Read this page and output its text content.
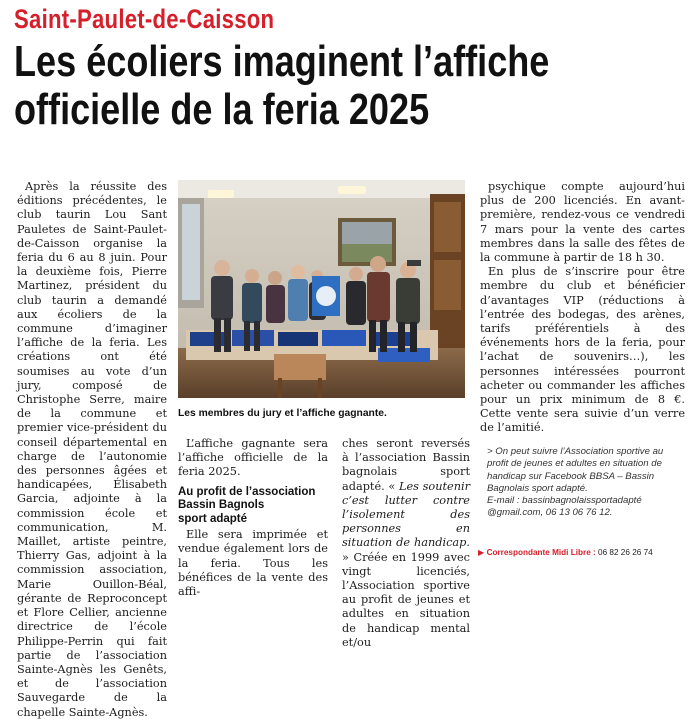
Saint-Paulet-de-Caisson
Les écoliers imaginent l’affiche
officielle de la feria 2025

Après la réussite des éditions précédentes, le club taurin Lou Sant Pauletes de Saint-Paulet-de-Caisson organise la feria du 6 au 8 juin. Pour la deuxième fois, Pierre Martinez, président du club taurin a demandé aux écoliers de la commune d’imaginer l’affiche de la feria. Les créations ont été soumises au vote d’un jury, composé de Christophe Serre, maire de la commune et premier vice-président du conseil départemental en charge de l’autonomie des personnes âgées et handicapées, Élisabeth Garcia, adjointe à la commission école et communication, M. Maillet, artiste peintre, Thierry Gas, adjoint à la commission association, Marie Ouillon-Béal, gérante de Reproconcept et Flore Cellier, ancienne directrice de l’école Philippe-Perrin qui fait partie de l’association Sainte-Agnès les Genêts, et de l’association Sauvegarde de la chapelle Sainte-Agnès.

Les membres du jury et l’affiche gagnante.

L’affiche gagnante sera l’affiche officielle de la feria 2025.

Au profit de l’association
Bassin Bagnols
sport adapté

Elle sera imprimée et vendue également lors de la feria. Tous les bénéfices de la vente des affi-

ches seront reversés à l’association Bassin bagnolais sport adapté. « Les soutenir c’est lutter contre l’isolement des personnes en situation de handicap. » Créée en 1999 avec vingt licenciés, l’Association sportive au profit de jeunes et adultes en situation de handicap mental et/ou

psychique compte aujourd’hui plus de 200 licenciés. En avant-première, rendez-vous ce vendredi 7 mars pour la vente des cartes membres dans la salle des fêtes de la commune à partir de 18 h 30.

En plus de s’inscrire pour être membre du club et bénéficier d’avantages VIP (réductions à l’entrée des bodegas, des arènes, tarifs préférentiels à des événements hors de la feria, pour l’achat de souvenirs…), les personnes intéressées pourront acheter ou commander les affiches pour un prix minimum de 8 €. Cette vente sera suivie d’un verre de l’amitié.

> On peut suivre l’Association sportive au profit de jeunes et adultes en situation de handicap sur Facebook BBSA – Bassin Bagnolais sport adapté.

E-mail : bassinbagnolaissportadapté @gmail.com, 06 13 06 76 12.

▶ Correspondante Midi Libre : 06 82 26 26 74
